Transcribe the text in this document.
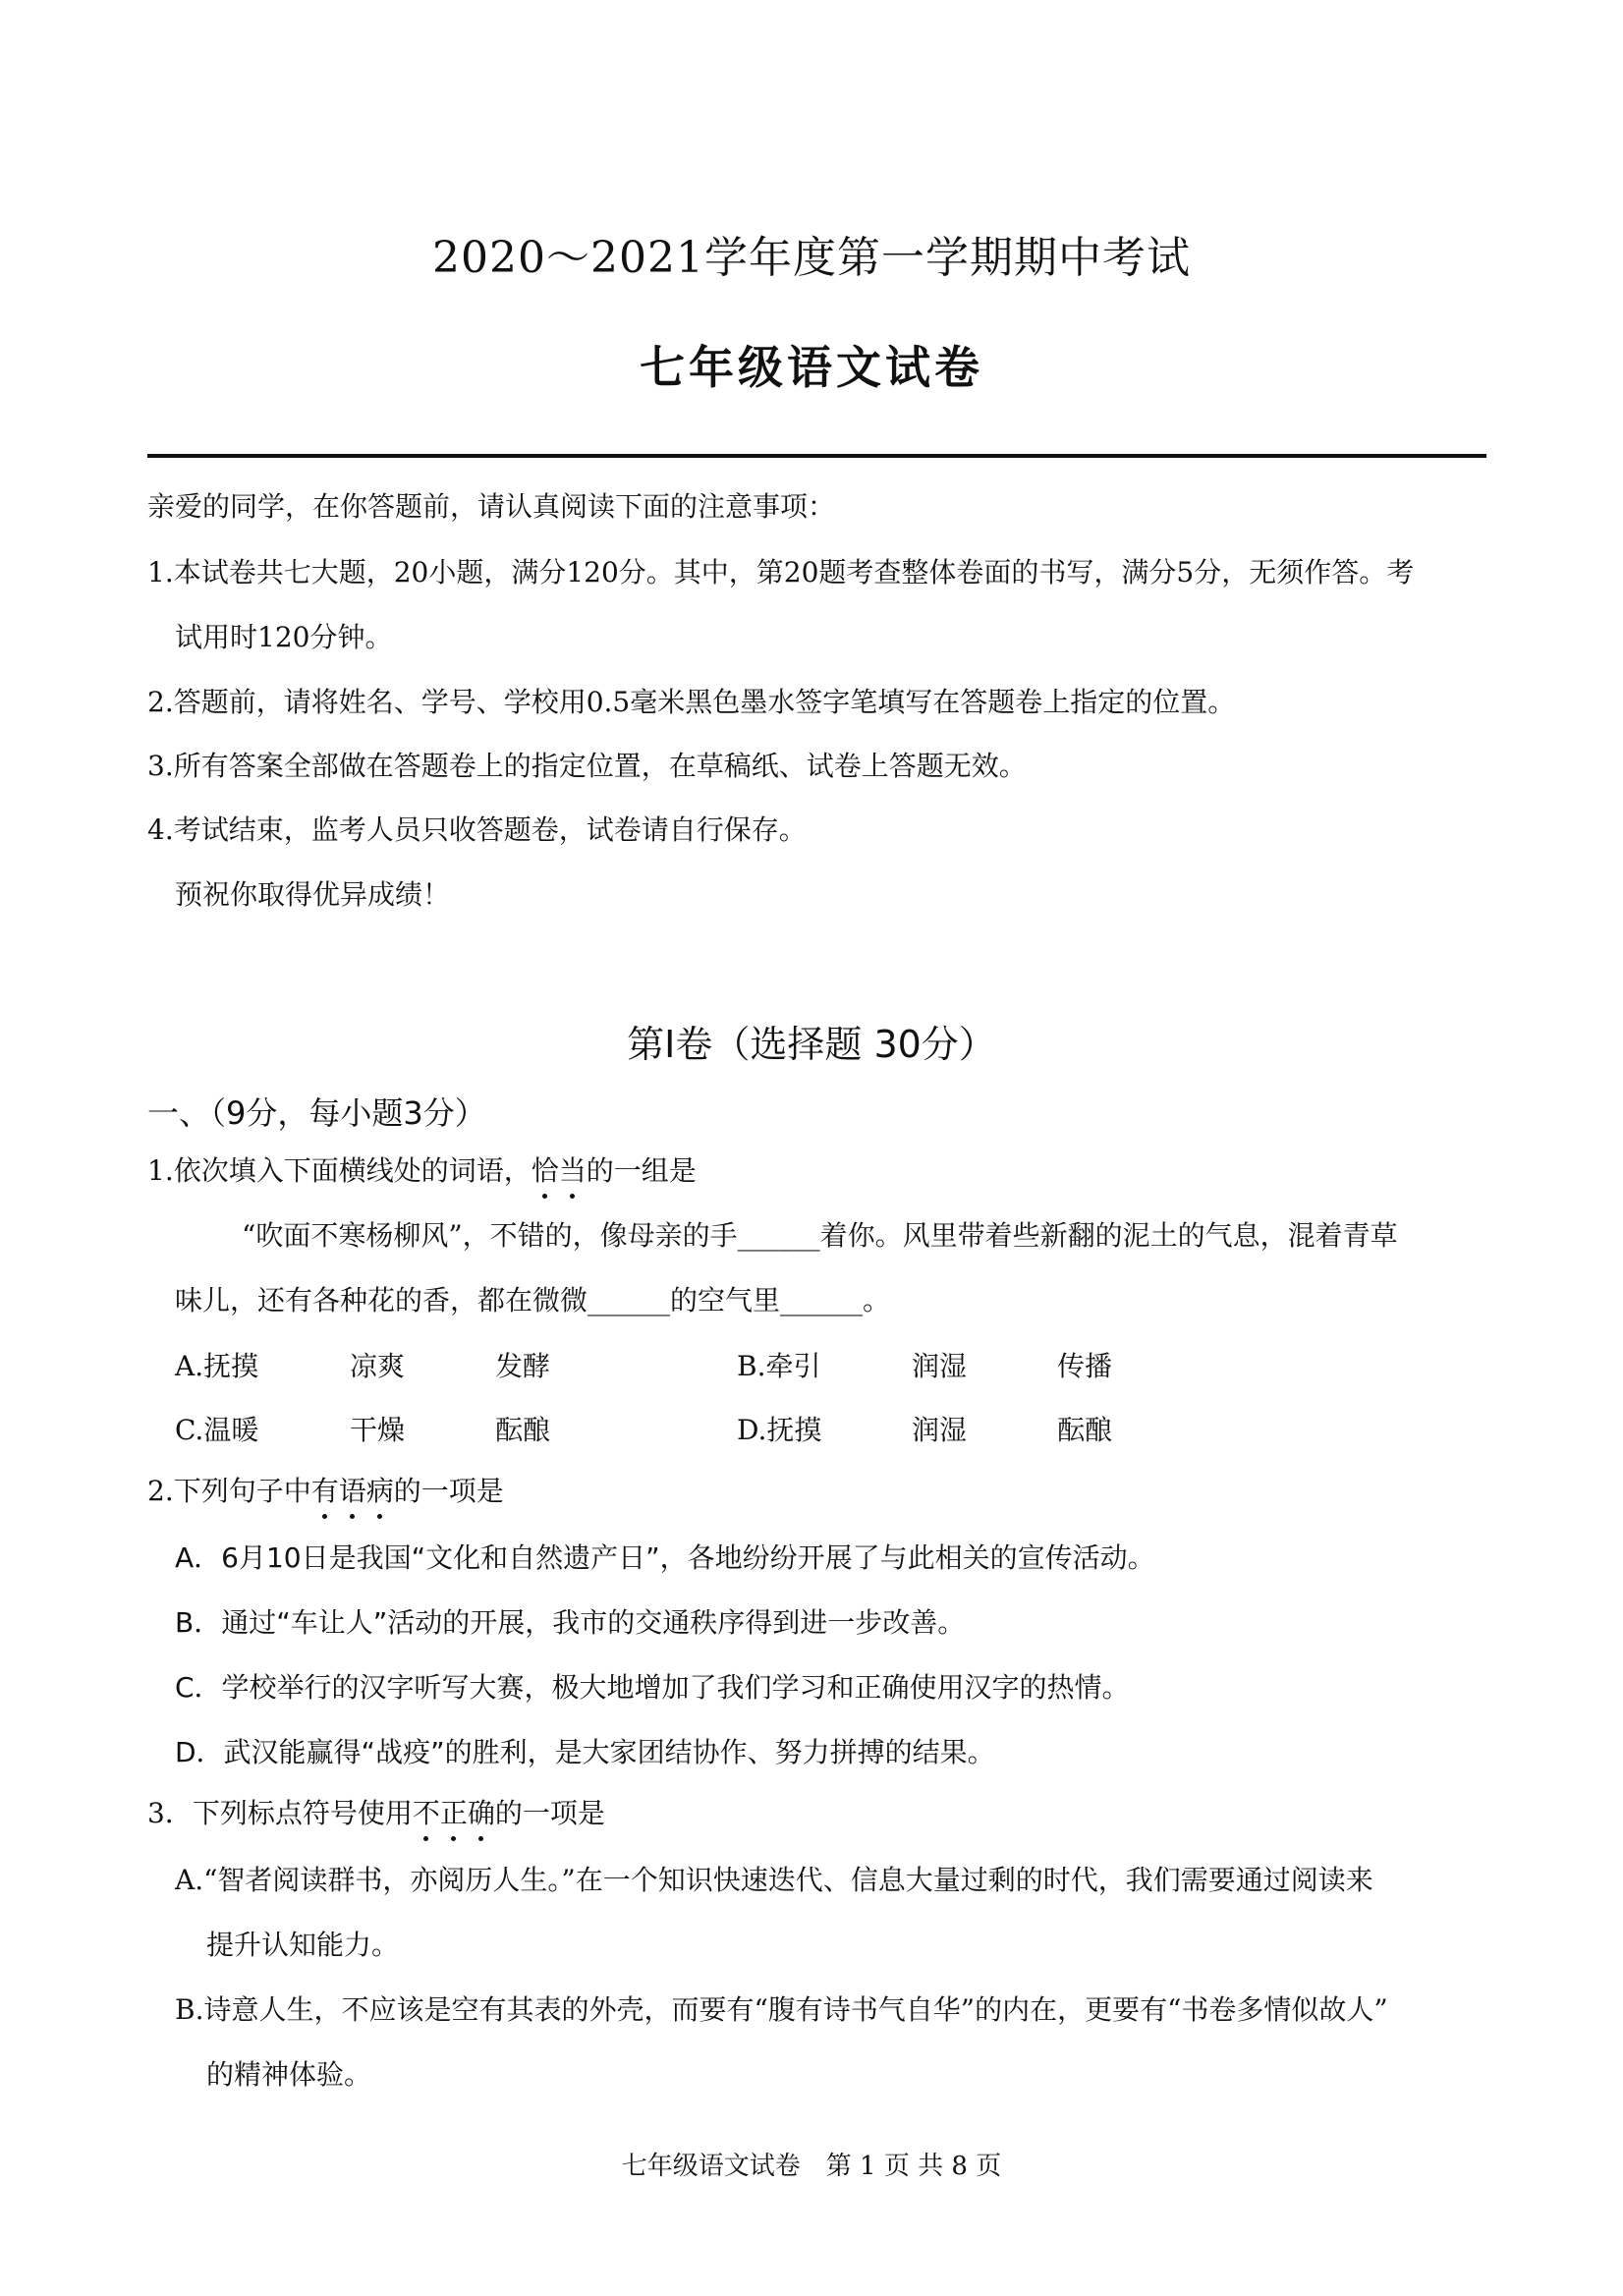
2020～2021学年度第一学期期中考试
七年级语文试卷
亲爱的同学，在你答题前，请认真阅读下面的注意事项：
1.本试卷共七大题，20小题，满分120分。其中，第20题考查整体卷面的书写，满分5分，无须作答。考
试用时120分钟。
2.答题前，请将姓名、学号、学校用0.5毫米黑色墨水签字笔填写在答题卷上指定的位置。
3.所有答案全部做在答题卷上的指定位置，在草稿纸、试卷上答题无效。
4.考试结束，监考人员只收答题卷，试卷请自行保存。
预祝你取得优异成绩！
第Ⅰ卷（选择题 30分）
一、（9分，每小题3分）
1.依次填入下面横线处的词语，恰当的一组是
“吹面不寒杨柳风”，不错的，像母亲的手______着你。风里带着些新翻的泥土的气息，混着青草
味儿，还有各种花的香，都在微微______的空气里______。
A.抚摸	凉爽	发酵	B.牵引	润湿	传播
C.温暖	干燥	酝酿	D.抚摸	润湿	酝酿
2.下列句子中有语病的一项是
A．6月10日是我国“文化和自然遗产日”，各地纷纷开展了与此相关的宣传活动。
B．通过“车让人”活动的开展，我市的交通秩序得到进一步改善。
C．学校举行的汉字听写大赛，极大地增加了我们学习和正确使用汉字的热情。
D．武汉能赢得“战疫”的胜利，是大家团结协作、努力拼搏的结果。
3．下列标点符号使用不正确的一项是
A.“智者阅读群书，亦阅历人生。”在一个知识快速迭代、信息大量过剩的时代，我们需要通过阅读来
提升认知能力。
B.诗意人生，不应该是空有其表的外壳，而要有“腹有诗书气自华”的内在，更要有“书卷多情似故人”
的精神体验。
七年级语文试卷　第 1 页 共 8 页
